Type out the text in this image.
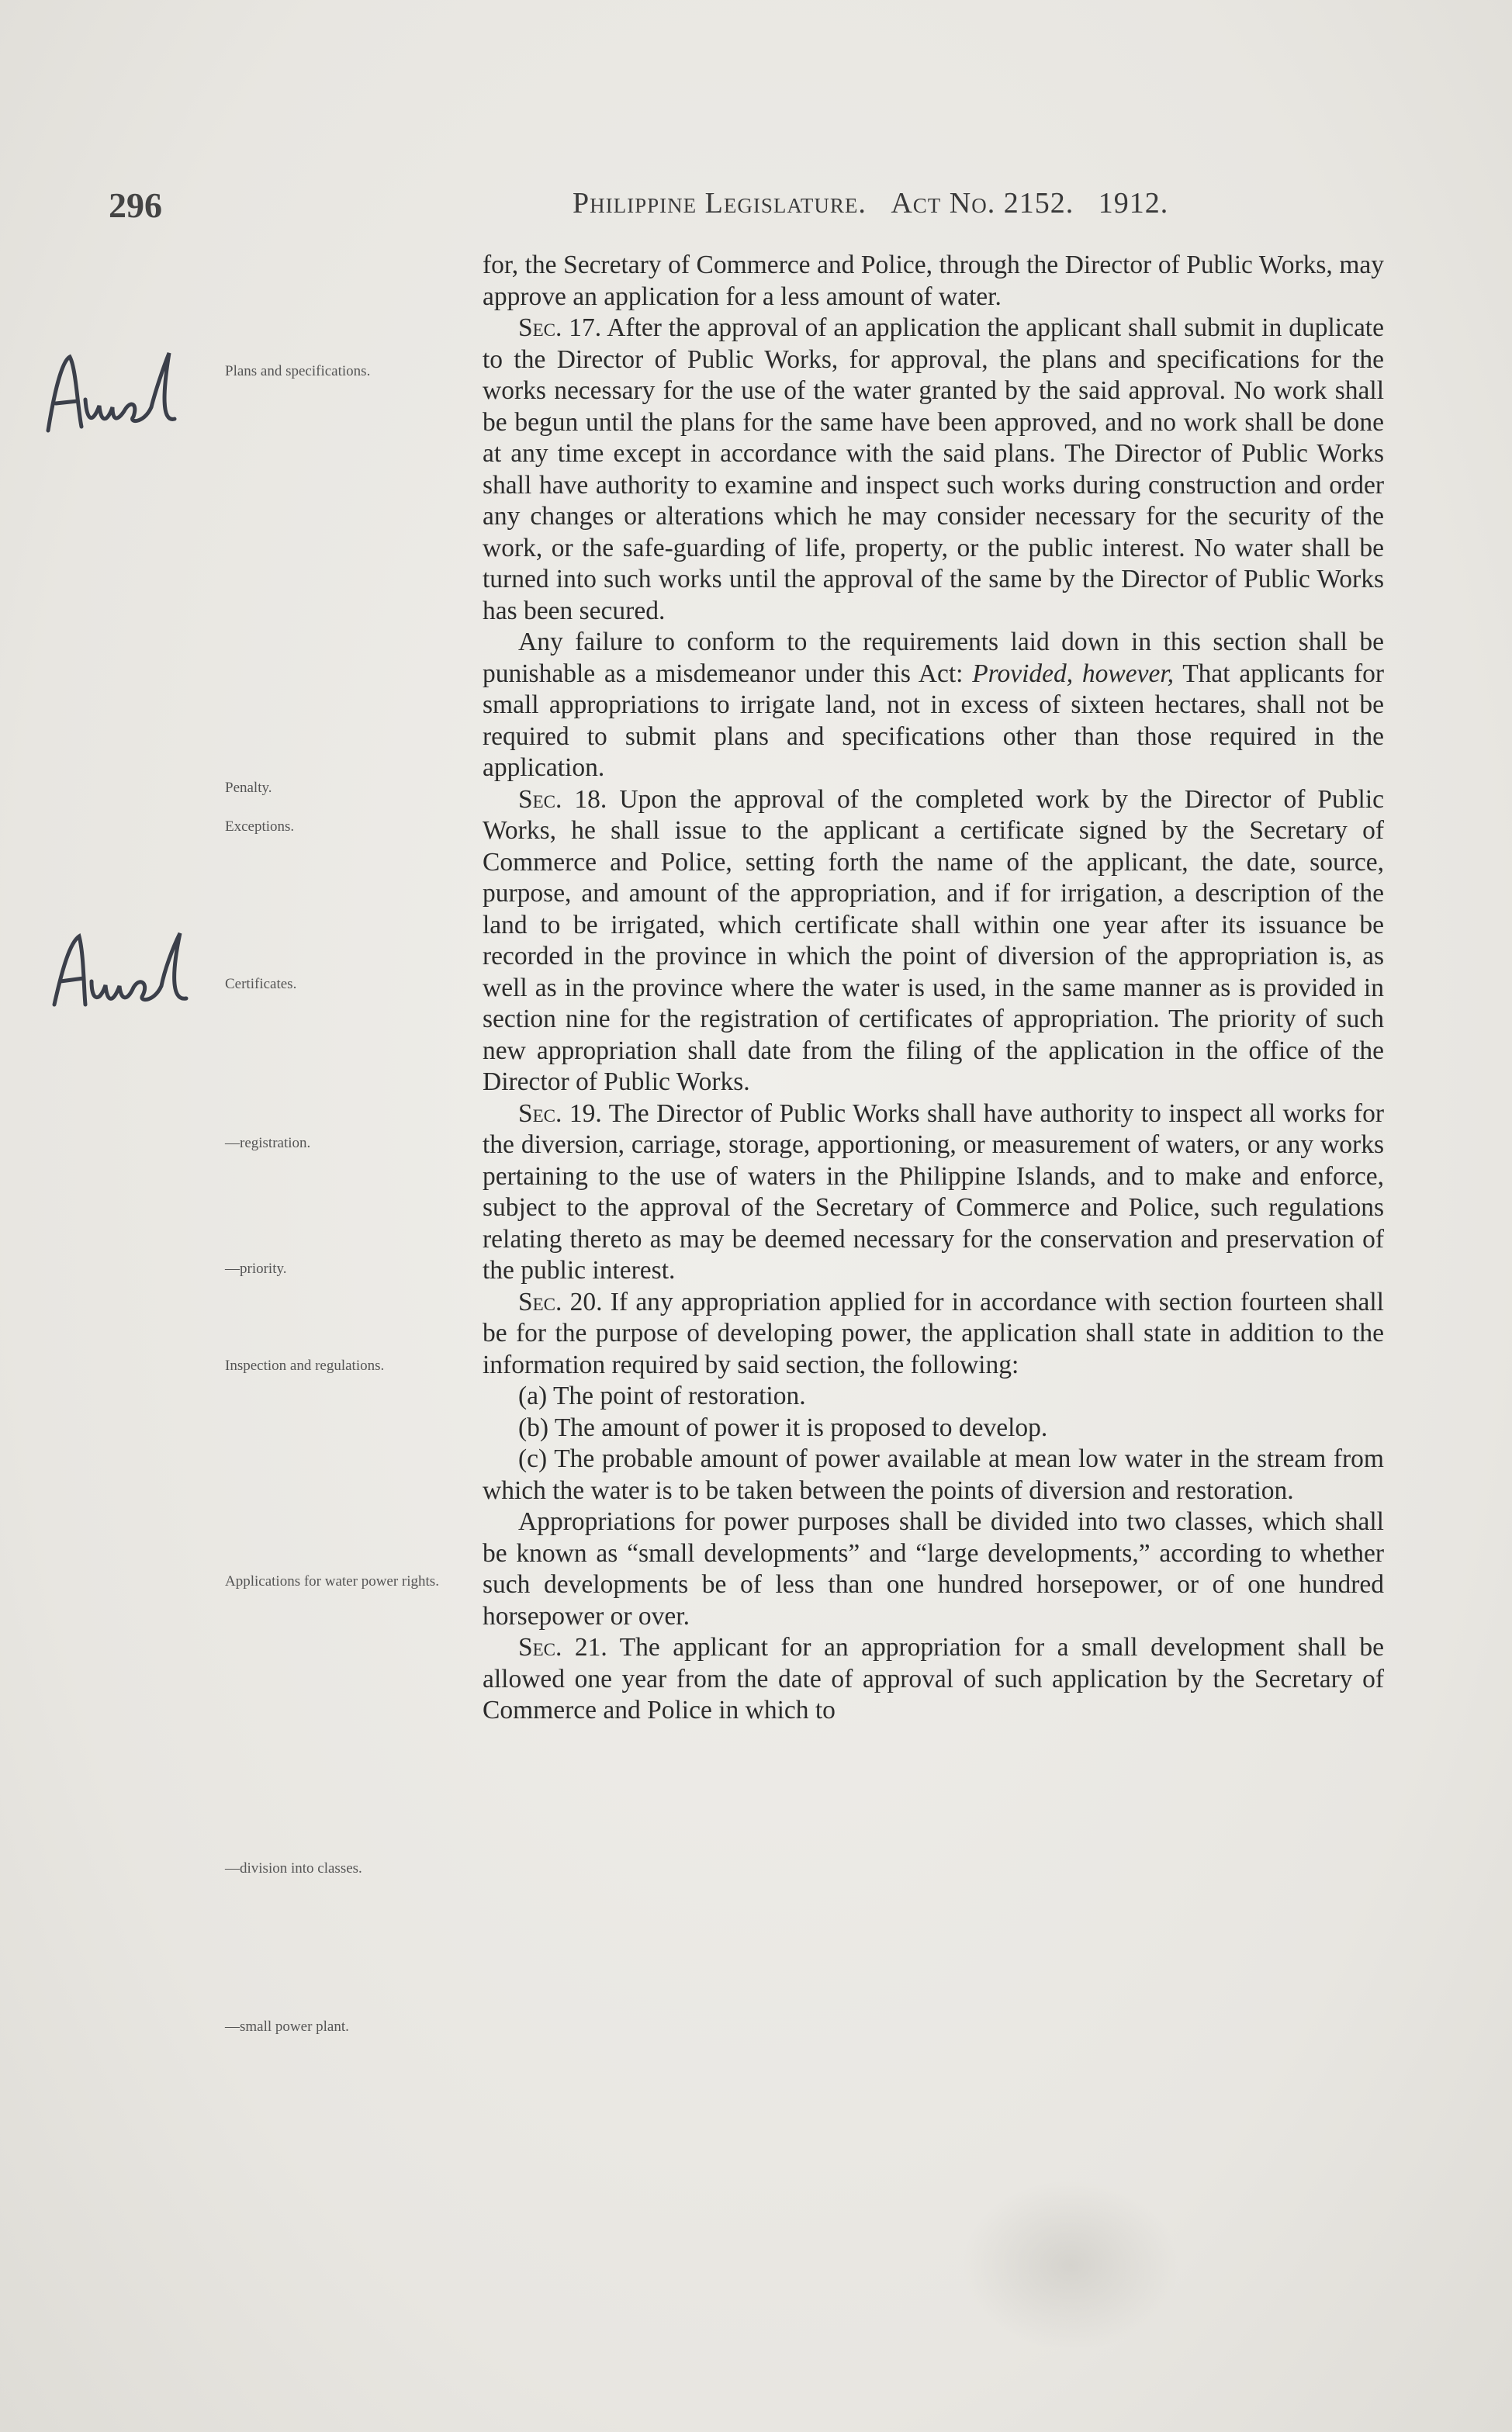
296	Philippine Legislature. Act No. 2152. 1912.
Plans and specifications.
Penalty.
Exceptions.
Certificates.
—registration.
—priority.
Inspection and regulations.
Applications for water power rights.
—division into classes.
—small power plant.

for, the Secretary of Commerce and Police, through the Director of Public Works, may approve an application for a less amount of water.

Sec. 17. After the approval of an application the applicant shall submit in duplicate to the Director of Public Works, for approval, the plans and specifications for the works necessary for the use of the water granted by the said approval. No work shall be begun until the plans for the same have been approved, and no work shall be done at any time except in accordance with the said plans. The Director of Public Works shall have authority to examine and inspect such works during construction and order any changes or alterations which he may consider necessary for the security of the work, or the safe-guarding of life, property, or the public interest. No water shall be turned into such works until the approval of the same by the Director of Public Works has been secured.

Any failure to conform to the requirements laid down in this section shall be punishable as a misdemeanor under this Act: Provided, however, That applicants for small appropriations to irrigate land, not in excess of sixteen hectares, shall not be required to submit plans and specifications other than those required in the application.

Sec. 18. Upon the approval of the completed work by the Director of Public Works, he shall issue to the applicant a certificate signed by the Secretary of Commerce and Police, setting forth the name of the applicant, the date, source, purpose, and amount of the appropriation, and if for irrigation, a description of the land to be irrigated, which certificate shall within one year after its issuance be recorded in the province in which the point of diversion of the appropriation is, as well as in the province where the water is used, in the same manner as is provided in section nine for the registration of certificates of appropriation. The priority of such new appropriation shall date from the filing of the application in the office of the Director of Public Works.

Sec. 19. The Director of Public Works shall have authority to inspect all works for the diversion, carriage, storage, apportioning, or measurement of waters, or any works pertaining to the use of waters in the Philippine Islands, and to make and enforce, subject to the approval of the Secretary of Commerce and Police, such regulations relating thereto as may be deemed necessary for the conservation and preservation of the public interest.

Sec. 20. If any appropriation applied for in accordance with section fourteen shall be for the purpose of developing power, the application shall state in addition to the information required by said section, the following:

(a) The point of restoration.

(b) The amount of power it is proposed to develop.

(c) The probable amount of power available at mean low water in the stream from which the water is to be taken between the points of diversion and restoration.

Appropriations for power purposes shall be divided into two classes, which shall be known as “small developments” and “large developments,” according to whether such developments be of less than one hundred horsepower, or of one hundred horsepower or over.

Sec. 21. The applicant for an appropriation for a small development shall be allowed one year from the date of approval of such application by the Secretary of Commerce and Police in which to
